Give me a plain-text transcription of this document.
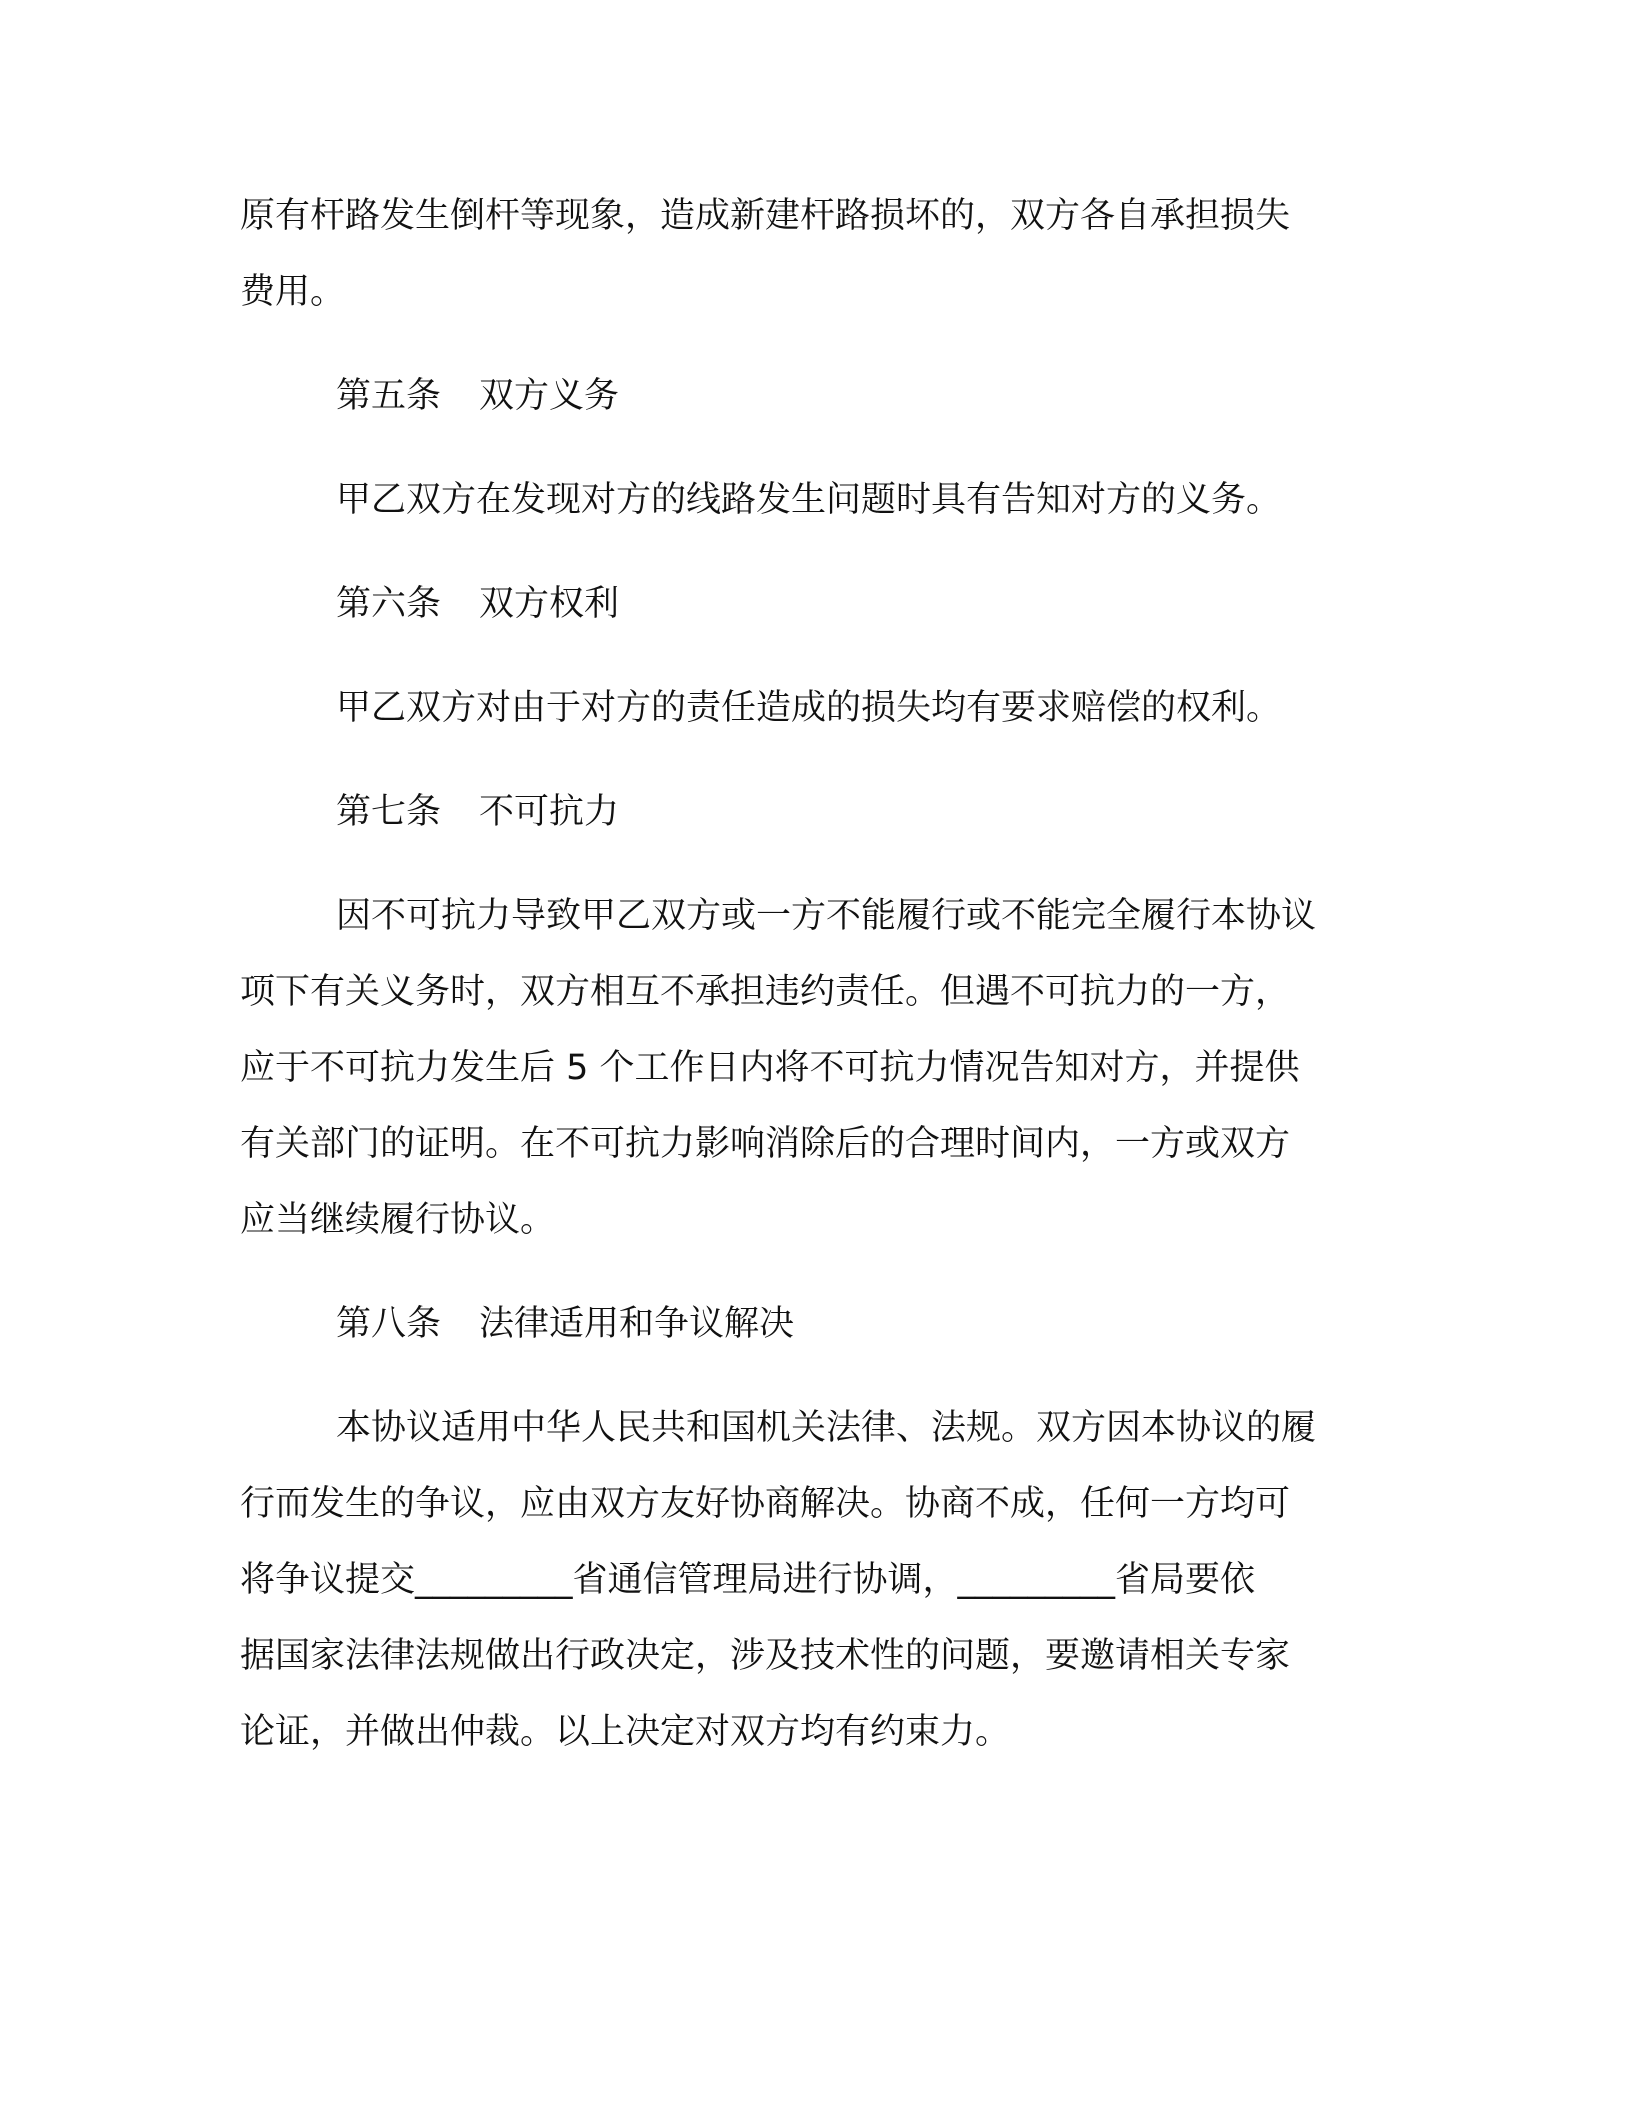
原有杆路发生倒杆等现象，造成新建杆路损坏的，双方各自承担损失
费用。

第五条 双方义务

甲乙双方在发现对方的线路发生问题时具有告知对方的义务。

第六条 双方权利

甲乙双方对由于对方的责任造成的损失均有要求赔偿的权利。

第七条 不可抗力

因不可抗力导致甲乙双方或一方不能履行或不能完全履行本协议
项下有关义务时，双方相互不承担违约责任。但遇不可抗力的一方，
应于不可抗力发生后 5 个工作日内将不可抗力情况告知对方，并提供
有关部门的证明。在不可抗力影响消除后的合理时间内，一方或双方
应当继续履行协议。

第八条 法律适用和争议解决

本协议适用中华人民共和国机关法律、法规。双方因本协议的履
行而发生的争议，应由双方友好协商解决。协商不成，任何一方均可
将争议提交_________省通信管理局进行协调，_________省局要依
据国家法律法规做出行政决定，涉及技术性的问题，要邀请相关专家
论证，并做出仲裁。以上决定对双方均有约束力。
